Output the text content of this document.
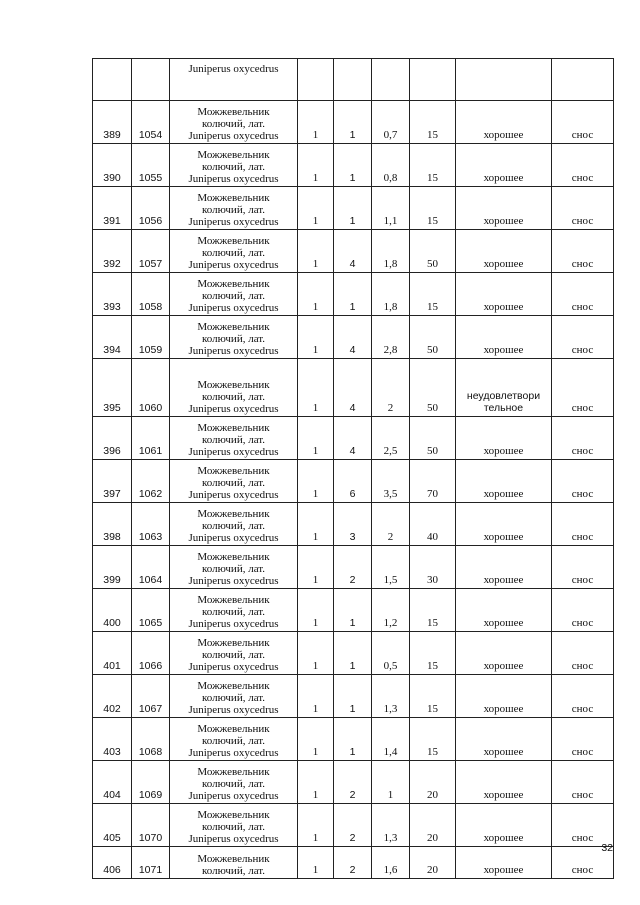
		Juniperus oxycedrus						

389	1054	Можжевельник
колючий, лат.
Juniperus oxycedrus	1	1	0,7	15	хорошее	снос

390	1055	Можжевельник
колючий, лат.
Juniperus oxycedrus	1	1	0,8	15	хорошее	снос

391	1056	Можжевельник
колючий, лат.
Juniperus oxycedrus	1	1	1,1	15	хорошее	снос

392	1057	Можжевельник
колючий, лат.
Juniperus oxycedrus	1	4	1,8	50	хорошее	снос

393	1058	Можжевельник
колючий, лат.
Juniperus oxycedrus	1	1	1,8	15	хорошее	снос

394	1059	Можжевельник
колючий, лат.
Juniperus oxycedrus	1	4	2,8	50	хорошее	снос

395	1060	Можжевельник
колючий, лат.
Juniperus oxycedrus	1	4	2	50	неудовлетвори
тельное	снос

396	1061	Можжевельник
колючий, лат.
Juniperus oxycedrus	1	4	2,5	50	хорошее	снос

397	1062	Можжевельник
колючий, лат.
Juniperus oxycedrus	1	6	3,5	70	хорошее	снос

398	1063	Можжевельник
колючий, лат.
Juniperus oxycedrus	1	3	2	40	хорошее	снос

399	1064	Можжевельник
колючий, лат.
Juniperus oxycedrus	1	2	1,5	30	хорошее	снос

400	1065	Можжевельник
колючий, лат.
Juniperus oxycedrus	1	1	1,2	15	хорошее	снос

401	1066	Можжевельник
колючий, лат.
Juniperus oxycedrus	1	1	0,5	15	хорошее	снос

402	1067	Можжевельник
колючий, лат.
Juniperus oxycedrus	1	1	1,3	15	хорошее	снос

403	1068	Можжевельник
колючий, лат.
Juniperus oxycedrus	1	1	1,4	15	хорошее	снос

404	1069	Можжевельник
колючий, лат.
Juniperus oxycedrus	1	2	1	20	хорошее	снос

405	1070	Можжевельник
колючий, лат.
Juniperus oxycedrus	1	2	1,3	20	хорошее	снос

406	1071	Можжевельник
колючий, лат.	1	2	1,6	20	хорошее	снос
32
